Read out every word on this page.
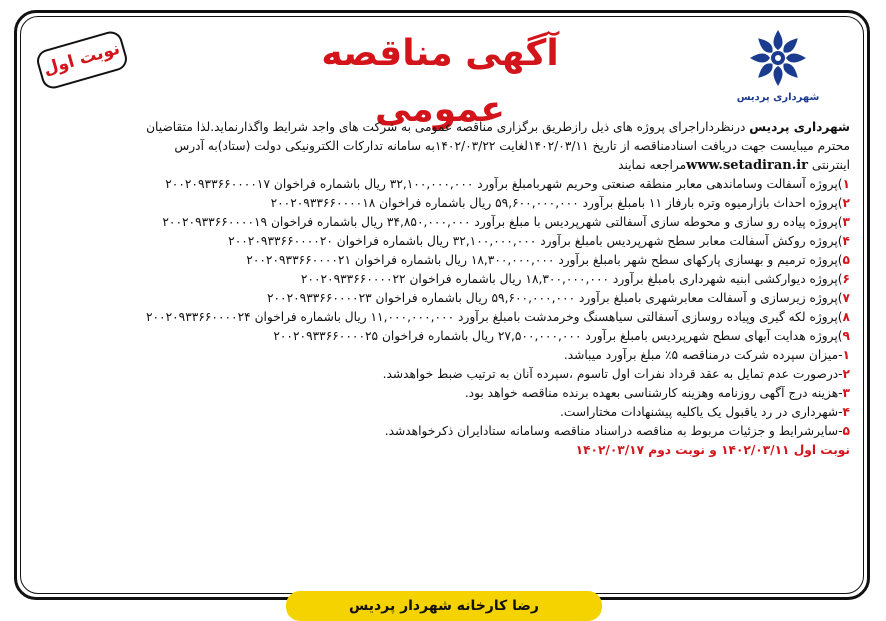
شهرداری پردیس
آگهی مناقصه عمومی
نوبت اول
شهرداری پردیس درنظرداراجرای پروژه های ذیل رازطریق برگزاری مناقصه عمومی به شرکت های واجد شرایط واگذارنماید.لذا متقاضیان
محترم میبایست جهت دریافت اسنادمناقصه از تاریخ ۱۴۰۲/۰۳/۱۱لغایت ۱۴۰۲/۰۳/۲۲به سامانه تدارکات الکترونیکی دولت (ستاد)به آدرس
اینترنتی www.setadiran.irمراجعه نمایند
۱)پروژه آسفالت وساماندهی معابر منطقه صنعتی وحریم شهربامبلغ برآورد ۳۲,۱۰۰,۰۰۰,۰۰۰ ریال باشماره فراخوان ۲۰۰۲۰۹۳۳۶۶۰۰۰۰۱۷
۲)پروژه احداث بازارمیوه وتره بارفاز ۱۱ بامبلغ برآورد ۵۹,۶۰۰,۰۰۰,۰۰۰ ریال باشماره فراخوان ۲۰۰۲۰۹۳۳۶۶۰۰۰۰۱۸
۳)پروژه پیاده رو سازی و محوطه سازی آسفالتی شهرپردیس با مبلغ برآورد ۳۴,۸۵۰,۰۰۰,۰۰۰ ریال باشماره فراخوان ۲۰۰۲۰۹۳۳۶۶۰۰۰۰۱۹
۴)پروژه روکش آسفالت معابر سطح شهرپردیس بامبلغ برآورد ۳۲,۱۰۰,۰۰۰,۰۰۰ ریال باشماره فراخوان ۲۰۰۲۰۹۳۳۶۶۰۰۰۰۲۰
۵)پروژه ترمیم و بهسازی پارکهای سطح شهر بامبلغ برآورد ۱۸,۳۰۰,۰۰۰,۰۰۰ ریال باشماره فراخوان ۲۰۰۲۰۹۳۳۶۶۰۰۰۰۲۱
۶)پروژه دیوارکشی ابنیه شهرداری بامبلغ برآورد ۱۸,۳۰۰,۰۰۰,۰۰۰ ریال باشماره فراخوان ۲۰۰۲۰۹۳۳۶۶۰۰۰۰۲۲
۷)پروژه زیرسازی و آسفالت معابرشهری بامبلغ برآورد ۵۹,۶۰۰,۰۰۰,۰۰۰ ریال باشماره فراخوان ۲۰۰۲۰۹۳۳۶۶۰۰۰۰۲۳
۸)پروژه لکه گیری وپیاده روسازی آسفالتی سیاهسنگ وخرمدشت بامبلغ برآورد ۱۱,۰۰۰,۰۰۰,۰۰۰ ریال باشماره فراخوان ۲۰۰۲۰۹۳۳۶۶۰۰۰۰۲۴
۹)پروژه هدایت آبهای سطح شهرپردیس بامبلغ برآورد ۲۷,۵۰۰,۰۰۰,۰۰۰ ریال باشماره فراخوان ۲۰۰۲۰۹۳۳۶۶۰۰۰۰۲۵
۱-میزان سپرده شرکت درمناقصه ۵٪ مبلغ برآورد میباشد.
۲-درصورت عدم تمایل به عقد قرداد نفرات اول تاسوم ،سپرده آنان به ترتیب ضبط خواهدشد.
۳-هزینه درج آگهی روزنامه وهزینه کارشناسی بعهده برنده مناقصه خواهد بود.
۴-شهرداری در رد یاقبول یک یاکلیه پیشنهادات مختاراست.
۵-سایرشرایط و جزئیات مربوط به مناقصه دراسناد مناقصه وسامانه ستادایران ذکرخواهدشد.
نوبت اول ۱۴۰۲/۰۳/۱۱ و نوبت دوم ۱۴۰۲/۰۳/۱۷
رضا کارخانه شهردار پردیس
